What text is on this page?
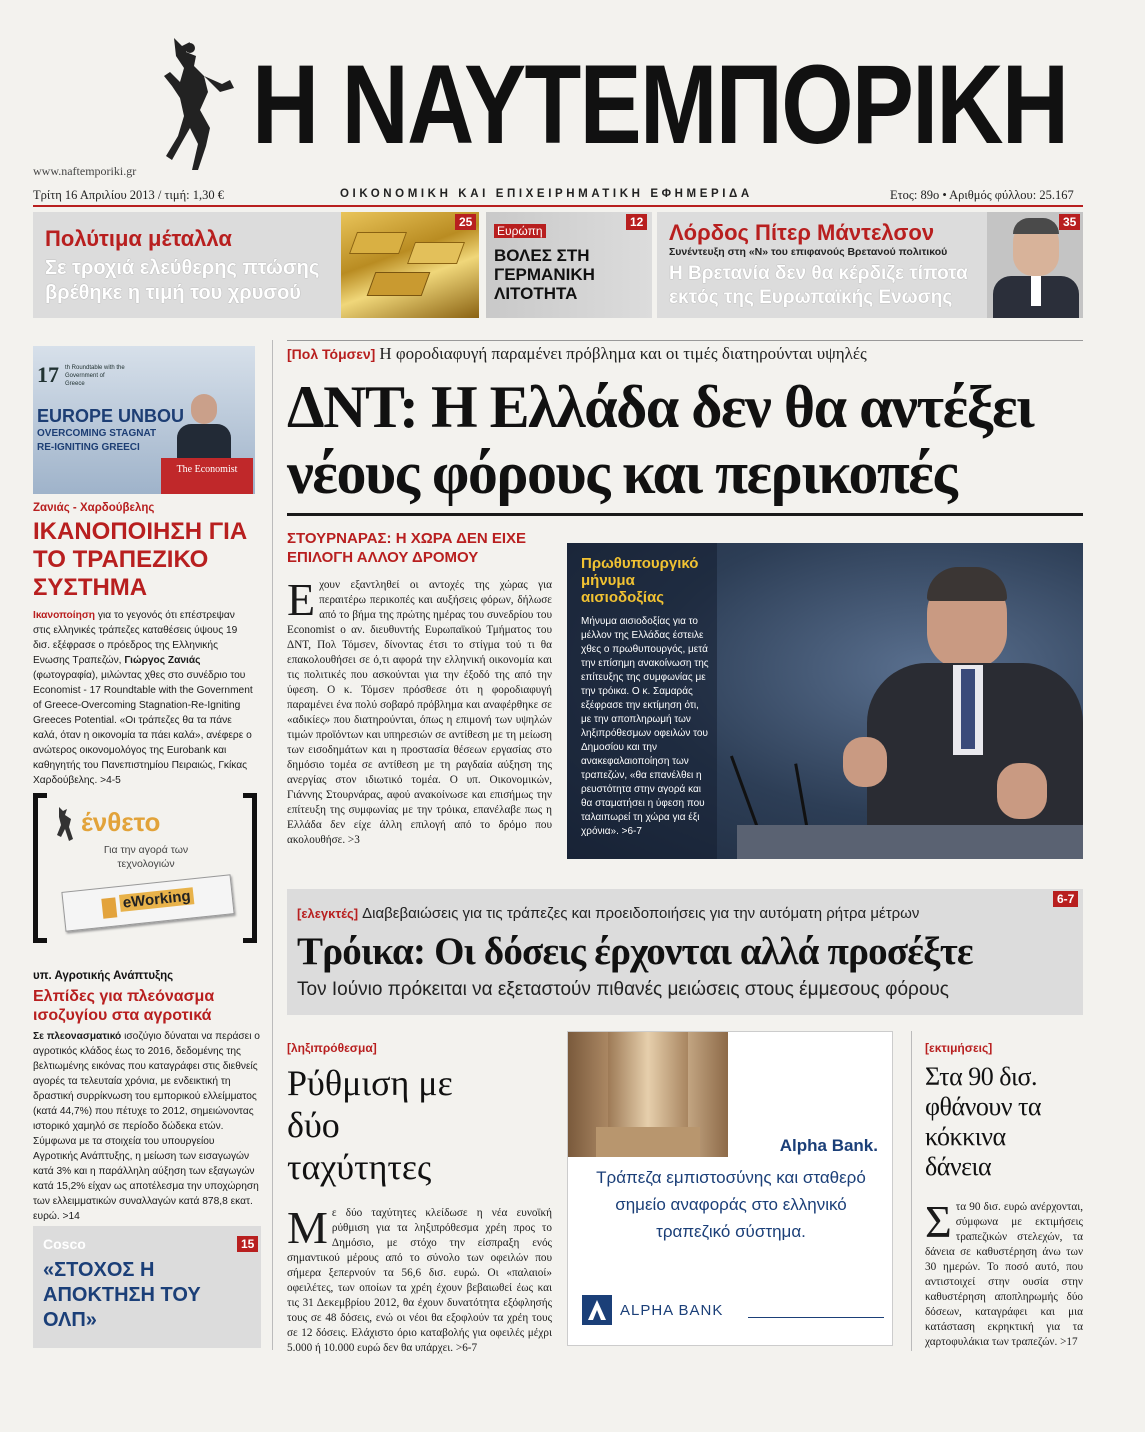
Η ΝΑΥΤΕΜΠΟΡΙΚΗ
www.naftemporiki.gr
Τρίτη 16 Απριλίου 2013 / τιμή: 1,30 €	ΟΙΚΟΝΟΜΙΚΗ ΚΑΙ ΕΠΙΧΕΙΡΗΜΑΤΙΚΗ ΕΦΗΜΕΡΙΔΑ	Ετος: 89ο • Αριθμός φύλλου: 25.167
Πολύτιμα μέταλλα
Σε τροχιά ελεύθερης πτώσης βρέθηκε η τιμή του χρυσού
25
Ευρώπη
ΒΟΛΕΣ ΣΤΗ ΓΕΡΜΑΝΙΚΗ ΛΙΤΟΤΗΤΑ
12 Λόρδος Πίτερ Μάντελσον
Συνέντευξη στη «Ν» του επιφανούς Βρετανού πολιτικού
Η Βρετανία δεν θα κέρδιζε τίποτα εκτός της Ευρωπαϊκής Ενωσης
35
17 th Roundtable with the Government of Greece
EUROPE UNBOU
OVERCOMING STAGNAT
RE-IGNITING GREECI
The Economist
Ζανιάς - Χαρδούβελης
ΙΚΑΝΟΠΟΙΗΣΗ ΓΙΑ ΤΟ ΤΡΑΠΕΖΙΚΟ ΣΥΣΤΗΜΑ
Ικανοποίηση για το γεγονός ότι επέστρεψαν στις ελληνικές τράπεζες καταθέσεις ύψους 19 δισ. εξέφρασε ο πρόεδρος της Ελληνικής Ενωσης Τραπεζών, Γιώργος Ζανιάς (φωτογραφία), μιλώντας χθες στο συνέδριο του Economist - 17 Roundtable with the Government of Greece-Overcoming Stagnation-Re-Igniting Greeces Potential. «Οι τράπεζες θα τα πάνε καλά, όταν η οικονομία τα πάει καλά», ανέφερε ο ανώτερος οικονομολόγος της Eurobank και καθηγητής του Πανεπιστημίου Πειραιώς, Γκίκας Χαρδούβελης. >4-5
ένθετο
Για την αγορά των τεχνολογιών
eWorking
υπ. Αγροτικής Ανάπτυξης
Ελπίδες για πλεόνασμα ισοζυγίου στα αγροτικά
Σε πλεονασματικό ισοζύγιο δύναται να περάσει ο αγροτικός κλάδος έως το 2016, δεδομένης της βελτιωμένης εικόνας που καταγράφει στις διεθνείς αγορές τα τελευταία χρόνια, με ενδεικτική τη δραστική συρρίκνωση του εμπορικού ελλείμματος (κατά 44,7%) που πέτυχε το 2012, σημειώνοντας ιστορικό χαμηλό σε περίοδο δώδεκα ετών. Σύμφωνα με τα στοιχεία του υπουργείου Αγροτικής Ανάπτυξης, η μείωση των εισαγωγών κατά 3% και η παράλληλη αύξηση των εξαγωγών κατά 15,2% είχαν ως αποτέλεσμα την υποχώρηση των ελλειμματικών συναλλαγών κατά 878,8 εκατ. ευρώ. >14
Cosco
«ΣΤΟΧΟΣ Η ΑΠΟΚΤΗΣΗ ΤΟΥ ΟΛΠ»
15
[Πολ Τόμσεν] Η φοροδιαφυγή παραμένει πρόβλημα και οι τιμές διατηρούνται υψηλές
ΔΝΤ: Η Ελλάδα δεν θα αντέξει
νέους φόρους και περικοπές
ΣΤΟΥΡΝΑΡΑΣ: Η ΧΩΡΑ ΔΕΝ ΕΙΧΕ ΕΠΙΛΟΓΗ ΑΛΛΟΥ ΔΡΟΜΟΥ
Εχουν εξαντληθεί οι αντοχές της χώρας για περαιτέρω περικοπές και αυξήσεις φόρων, δήλωσε από το βήμα της πρώτης ημέρας του συνεδρίου του Economist ο αν. διευθυντής Ευρωπαϊκού Τμήματος του ΔΝΤ, Πολ Τόμσεν, δίνοντας έτσι το στίγμα τού τι θα επακολουθήσει σε ό,τι αφορά την ελληνική οικονομία και τις πολιτικές που ασκούνται για την έξοδό της από την ύφεση. Ο κ. Τόμσεν πρόσθεσε ότι η φοροδιαφυγή παραμένει ένα πολύ σοβαρό πρόβλημα και αναφέρθηκε σε «αδικίες» που διατηρούνται, όπως η επιμονή των υψηλών τιμών προϊόντων και υπηρεσιών σε αντίθεση με τη μείωση των εισοδημάτων και η προστασία θέσεων εργασίας στο δημόσιο τομέα σε αντίθεση με τη ραγδαία αύξηση της ανεργίας στον ιδιωτικό τομέα. Ο υπ. Οικονομικών, Γιάννης Στουρνάρας, αφού ανακοίνωσε και επισήμως την επίτευξη της συμφωνίας με την τρόικα, επανέλαβε πως η Ελλάδα δεν είχε άλλη επιλογή από το δρόμο που ακολουθήσε. >3
Πρωθυπουργικό μήνυμα αισιοδοξίας
Μήνυμα αισιοδοξίας για το μέλλον της Ελλάδας έστειλε χθες ο πρωθυπουργός, μετά την επίσημη ανακοίνωση της επίτευξης της συμφωνίας με την τρόικα. Ο κ. Σαμαράς εξέφρασε την εκτίμηση ότι, με την αποπληρωμή των ληξιπρόθεσμων οφειλών του Δημοσίου και την ανακεφαλαιοποίηση των τραπεζών, «θα επανέλθει η ρευστότητα στην αγορά και θα σταματήσει η ύφεση που ταλαιπωρεί τη χώρα για έξι χρόνια». >6-7
[ελεγκτές] Διαβεβαιώσεις για τις τράπεζες και προειδοποιήσεις για την αυτόματη ρήτρα μέτρων
Τρόικα: Οι δόσεις έρχονται αλλά προσέξτε
Τον Ιούνιο πρόκειται να εξεταστούν πιθανές μειώσεις στους έμμεσους φόρους
6-7
[ληξιπρόθεσμα]
Ρύθμιση με δύο ταχύτητες
Με δύο ταχύτητες κλείδωσε η νέα ευνοϊκή ρύθμιση για τα ληξιπρόθεσμα χρέη προς το Δημόσιο, με στόχο την είσπραξη ενός σημαντικού μέρους από το σύνολο των οφειλών που σήμερα ξεπερνούν τα 56,6 δισ. ευρώ. Οι «παλαιοί» οφειλέτες, των οποίων τα χρέη έχουν βεβαιωθεί έως και τις 31 Δεκεμβρίου 2012, θα έχουν δυνατότητα εξόφλησής τους σε 48 δόσεις, ενώ οι νέοι θα εξοφλούν τα χρέη τους σε 12 δόσεις. Ελάχιστο όριο καταβολής για οφειλές μέχρι 5.000 ή 10.000 ευρώ δεν θα υπάρχει. >6-7
Alpha Bank.
Τράπεζα εμπιστοσύνης και σταθερό σημείο αναφοράς στο ελληνικό τραπεζικό σύστημα.
ALPHA BANK
[εκτιμήσεις]
Στα 90 δισ. φθάνουν τα κόκκινα δάνεια
Στα 90 δισ. ευρώ ανέρχονται, σύμφωνα με εκτιμήσεις τραπεζικών στελεχών, τα δάνεια σε καθυστέρηση άνω των 30 ημερών. Το ποσό αυτό, που αντιστοιχεί στην ουσία στην καθυστέρηση αποπληρωμής δύο δόσεων, καταγράφει και μια κατάσταση εκρηκτική για τα χαρτοφυλάκια των τραπεζών. >17
